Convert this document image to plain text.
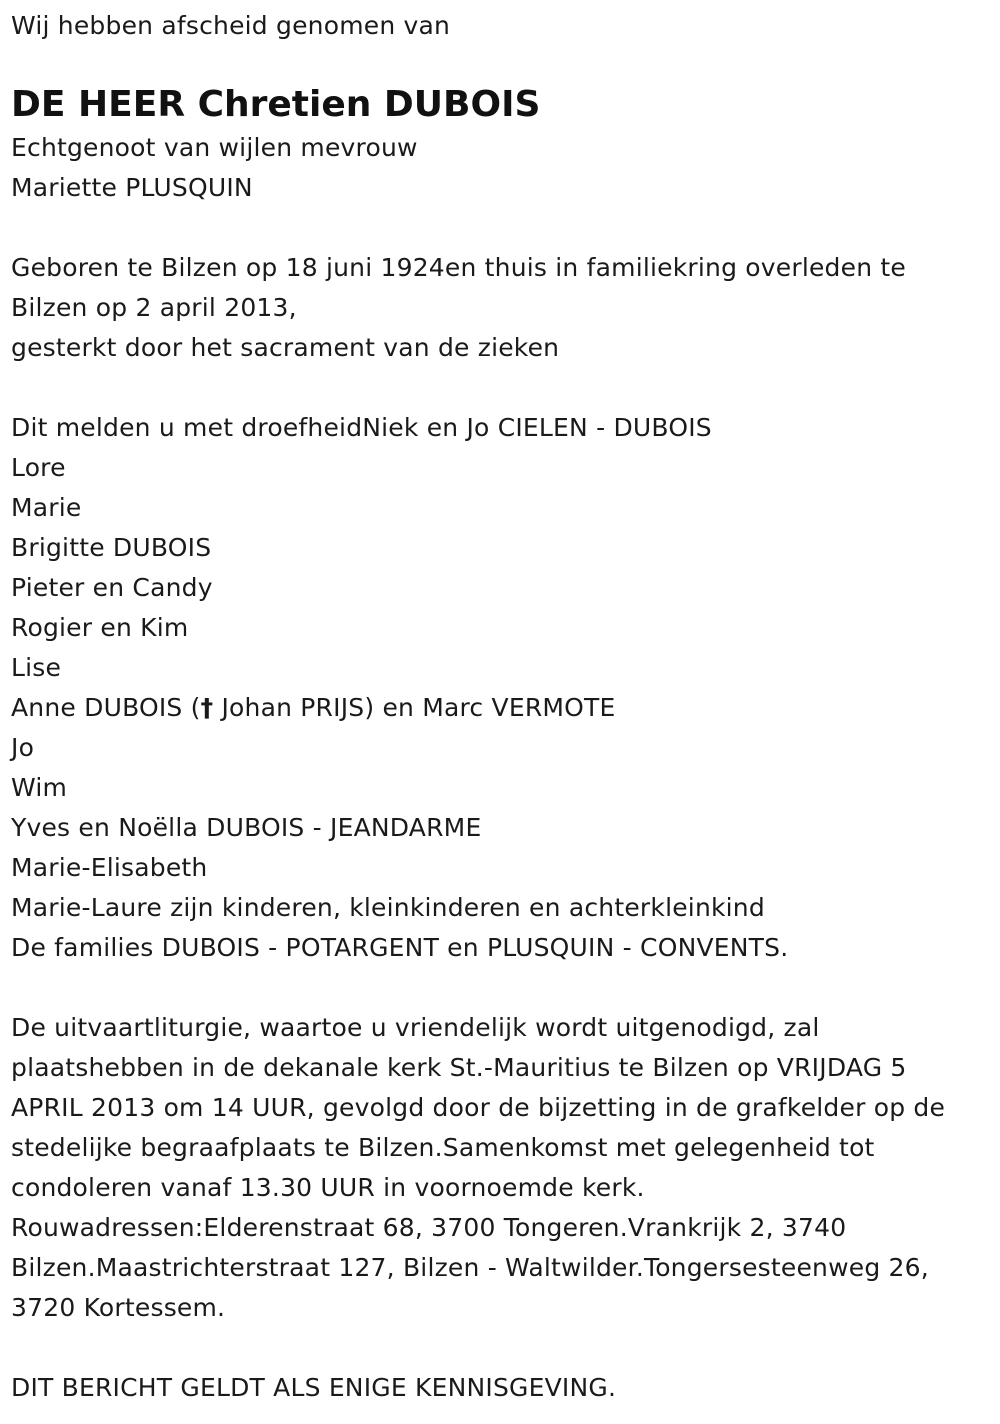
Wij hebben afscheid genomen van
DE HEER Chretien DUBOIS
Echtgenoot van wijlen mevrouw
Mariette PLUSQUIN
Geboren te Bilzen op 18 juni 1924en thuis in familiekring overleden te
Bilzen op 2 april 2013,
gesterkt door het sacrament van de zieken
Dit melden u met droefheidNiek en Jo CIELEN - DUBOIS
Lore
Marie
Brigitte DUBOIS
Pieter en Candy
Rogier en Kim
Lise
Anne DUBOIS († Johan PRIJS) en Marc VERMOTE
Jo
Wim
Yves en Noëlla DUBOIS - JEANDARME
Marie-Elisabeth
Marie-Laure zijn kinderen, kleinkinderen en achterkleinkind
De families DUBOIS - POTARGENT en PLUSQUIN - CONVENTS.
De uitvaartliturgie, waartoe u vriendelijk wordt uitgenodigd, zal
plaatshebben in de dekanale kerk St.-Mauritius te Bilzen op VRIJDAG 5
APRIL 2013 om 14 UUR, gevolgd door de bijzetting in de grafkelder op de
stedelijke begraafplaats te Bilzen.Samenkomst met gelegenheid tot
condoleren vanaf 13.30 UUR in voornoemde kerk.
Rouwadressen:Elderenstraat 68, 3700 Tongeren.Vrankrijk 2, 3740
Bilzen.Maastrichterstraat 127, Bilzen - Waltwilder.Tongersesteenweg 26,
3720 Kortessem.
DIT BERICHT GELDT ALS ENIGE KENNISGEVING.
